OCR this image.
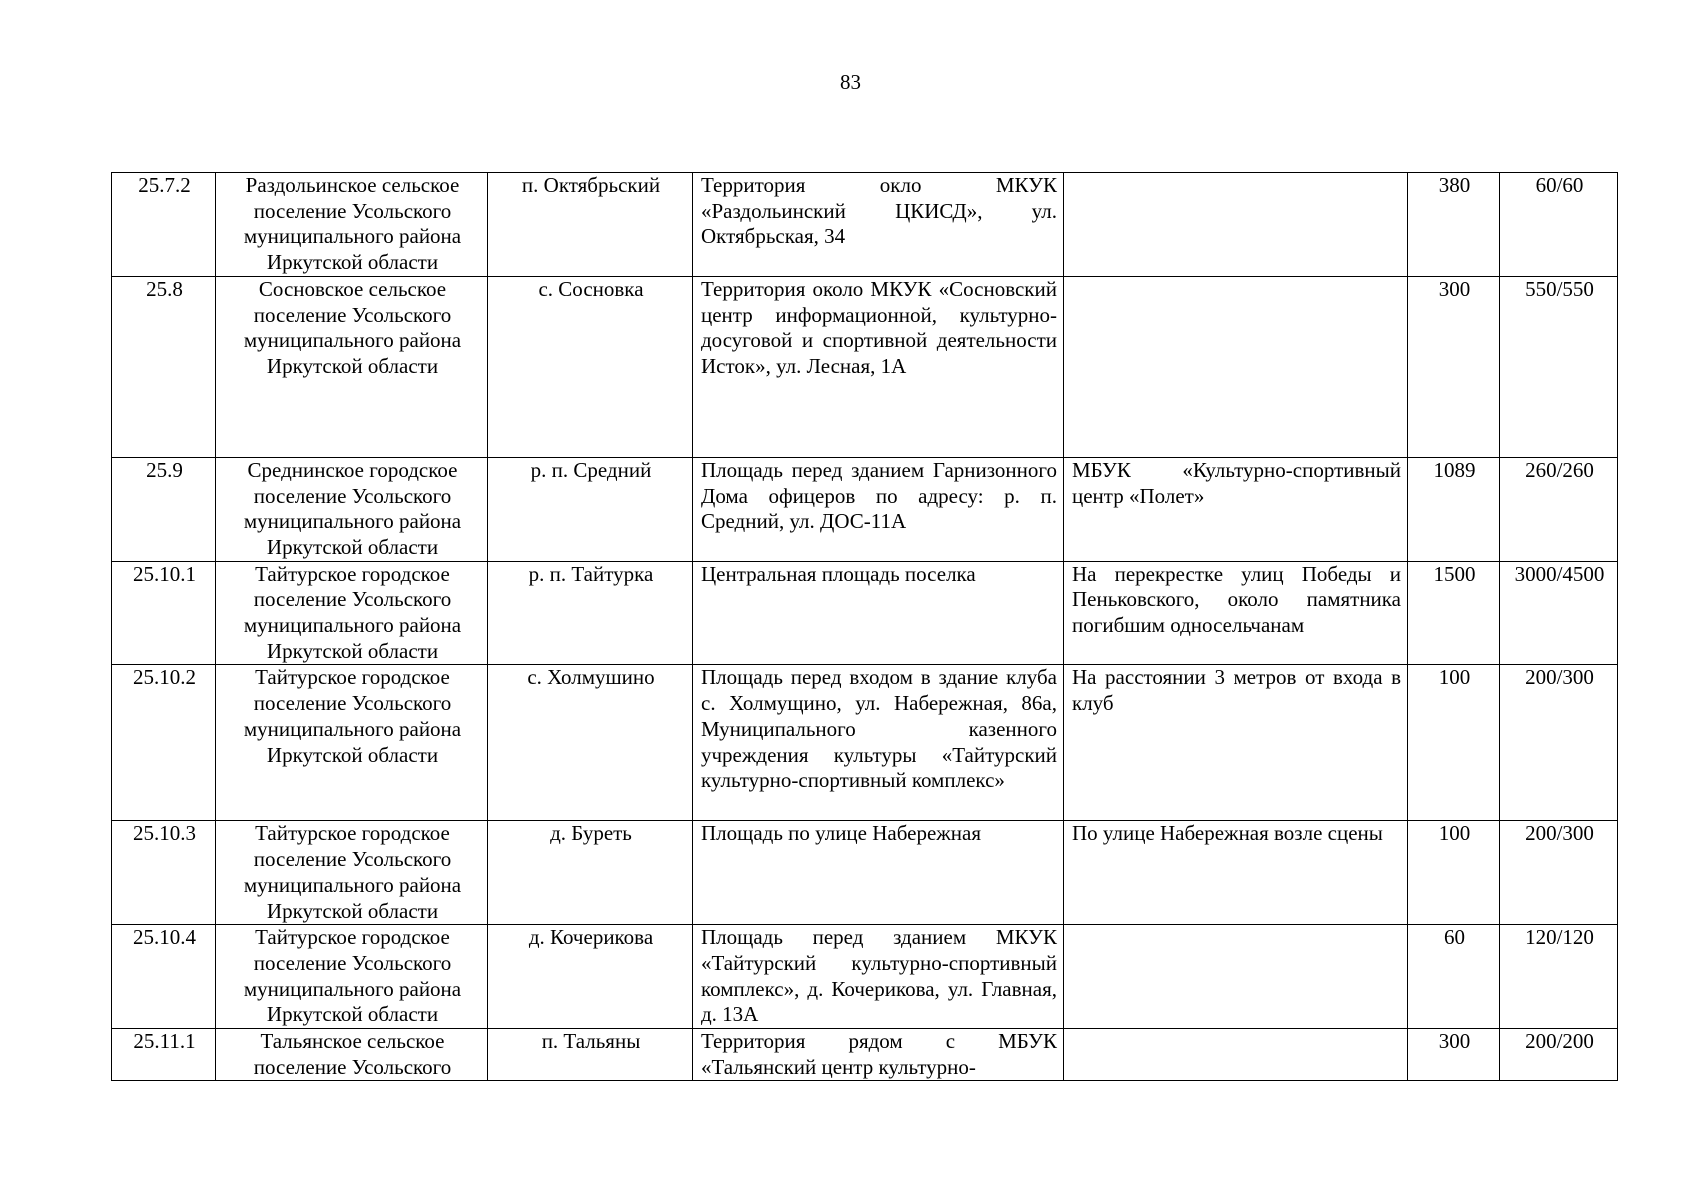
83
25.7.2	Раздольинское сельское поселение Усольского муниципального района Иркутской области	п. Октябрьский	Территория окло МКУК «Раздольинский ЦКИСД», ул. Октябрьская, 34		380	60/60
25.8	Сосновское сельское поселение Усольского муниципального района Иркутской области	с. Сосновка	Территория около МКУК «Сосновский центр информационной, культурно-досуговой и спортивной деятельности Исток», ул. Лесная, 1А		300	550/550
25.9	Среднинское городское поселение Усольского муниципального района Иркутской области	р. п. Средний	Площадь перед зданием Гарнизонного Дома офицеров по адресу: р. п. Средний, ул. ДОС-11А	МБУК «Культурно-спортивный центр «Полет»	1089	260/260
25.10.1	Тайтурское городское поселение Усольского муниципального района Иркутской области	р. п. Тайтурка	Центральная площадь поселка	На перекрестке улиц Победы и Пеньковского, около памятника погибшим односельчанам	1500	3000/4500
25.10.2	Тайтурское городское поселение Усольского муниципального района Иркутской области	с. Холмушино	Площадь перед входом в здание клуба с. Холмущино, ул. Набережная, 86а, Муниципального казенного учреждения культуры «Тайтурский культурно-спортивный комплекс»	На расстоянии 3 метров от входа в клуб	100	200/300
25.10.3	Тайтурское городское поселение Усольского муниципального района Иркутской области	д. Буреть	Площадь по улице Набережная	По улице Набережная возле сцены	100	200/300
25.10.4	Тайтурское городское поселение Усольского муниципального района Иркутской области	д. Кочерикова	Площадь перед зданием МКУК «Тайтурский культурно-спортивный комплекс», д. Кочерикова, ул. Главная, д. 13А		60	120/120
25.11.1	Тальянское сельское поселение Усольского	п. Тальяны	Территория рядом с МБУК «Тальянский центр культурно-		300	200/200
